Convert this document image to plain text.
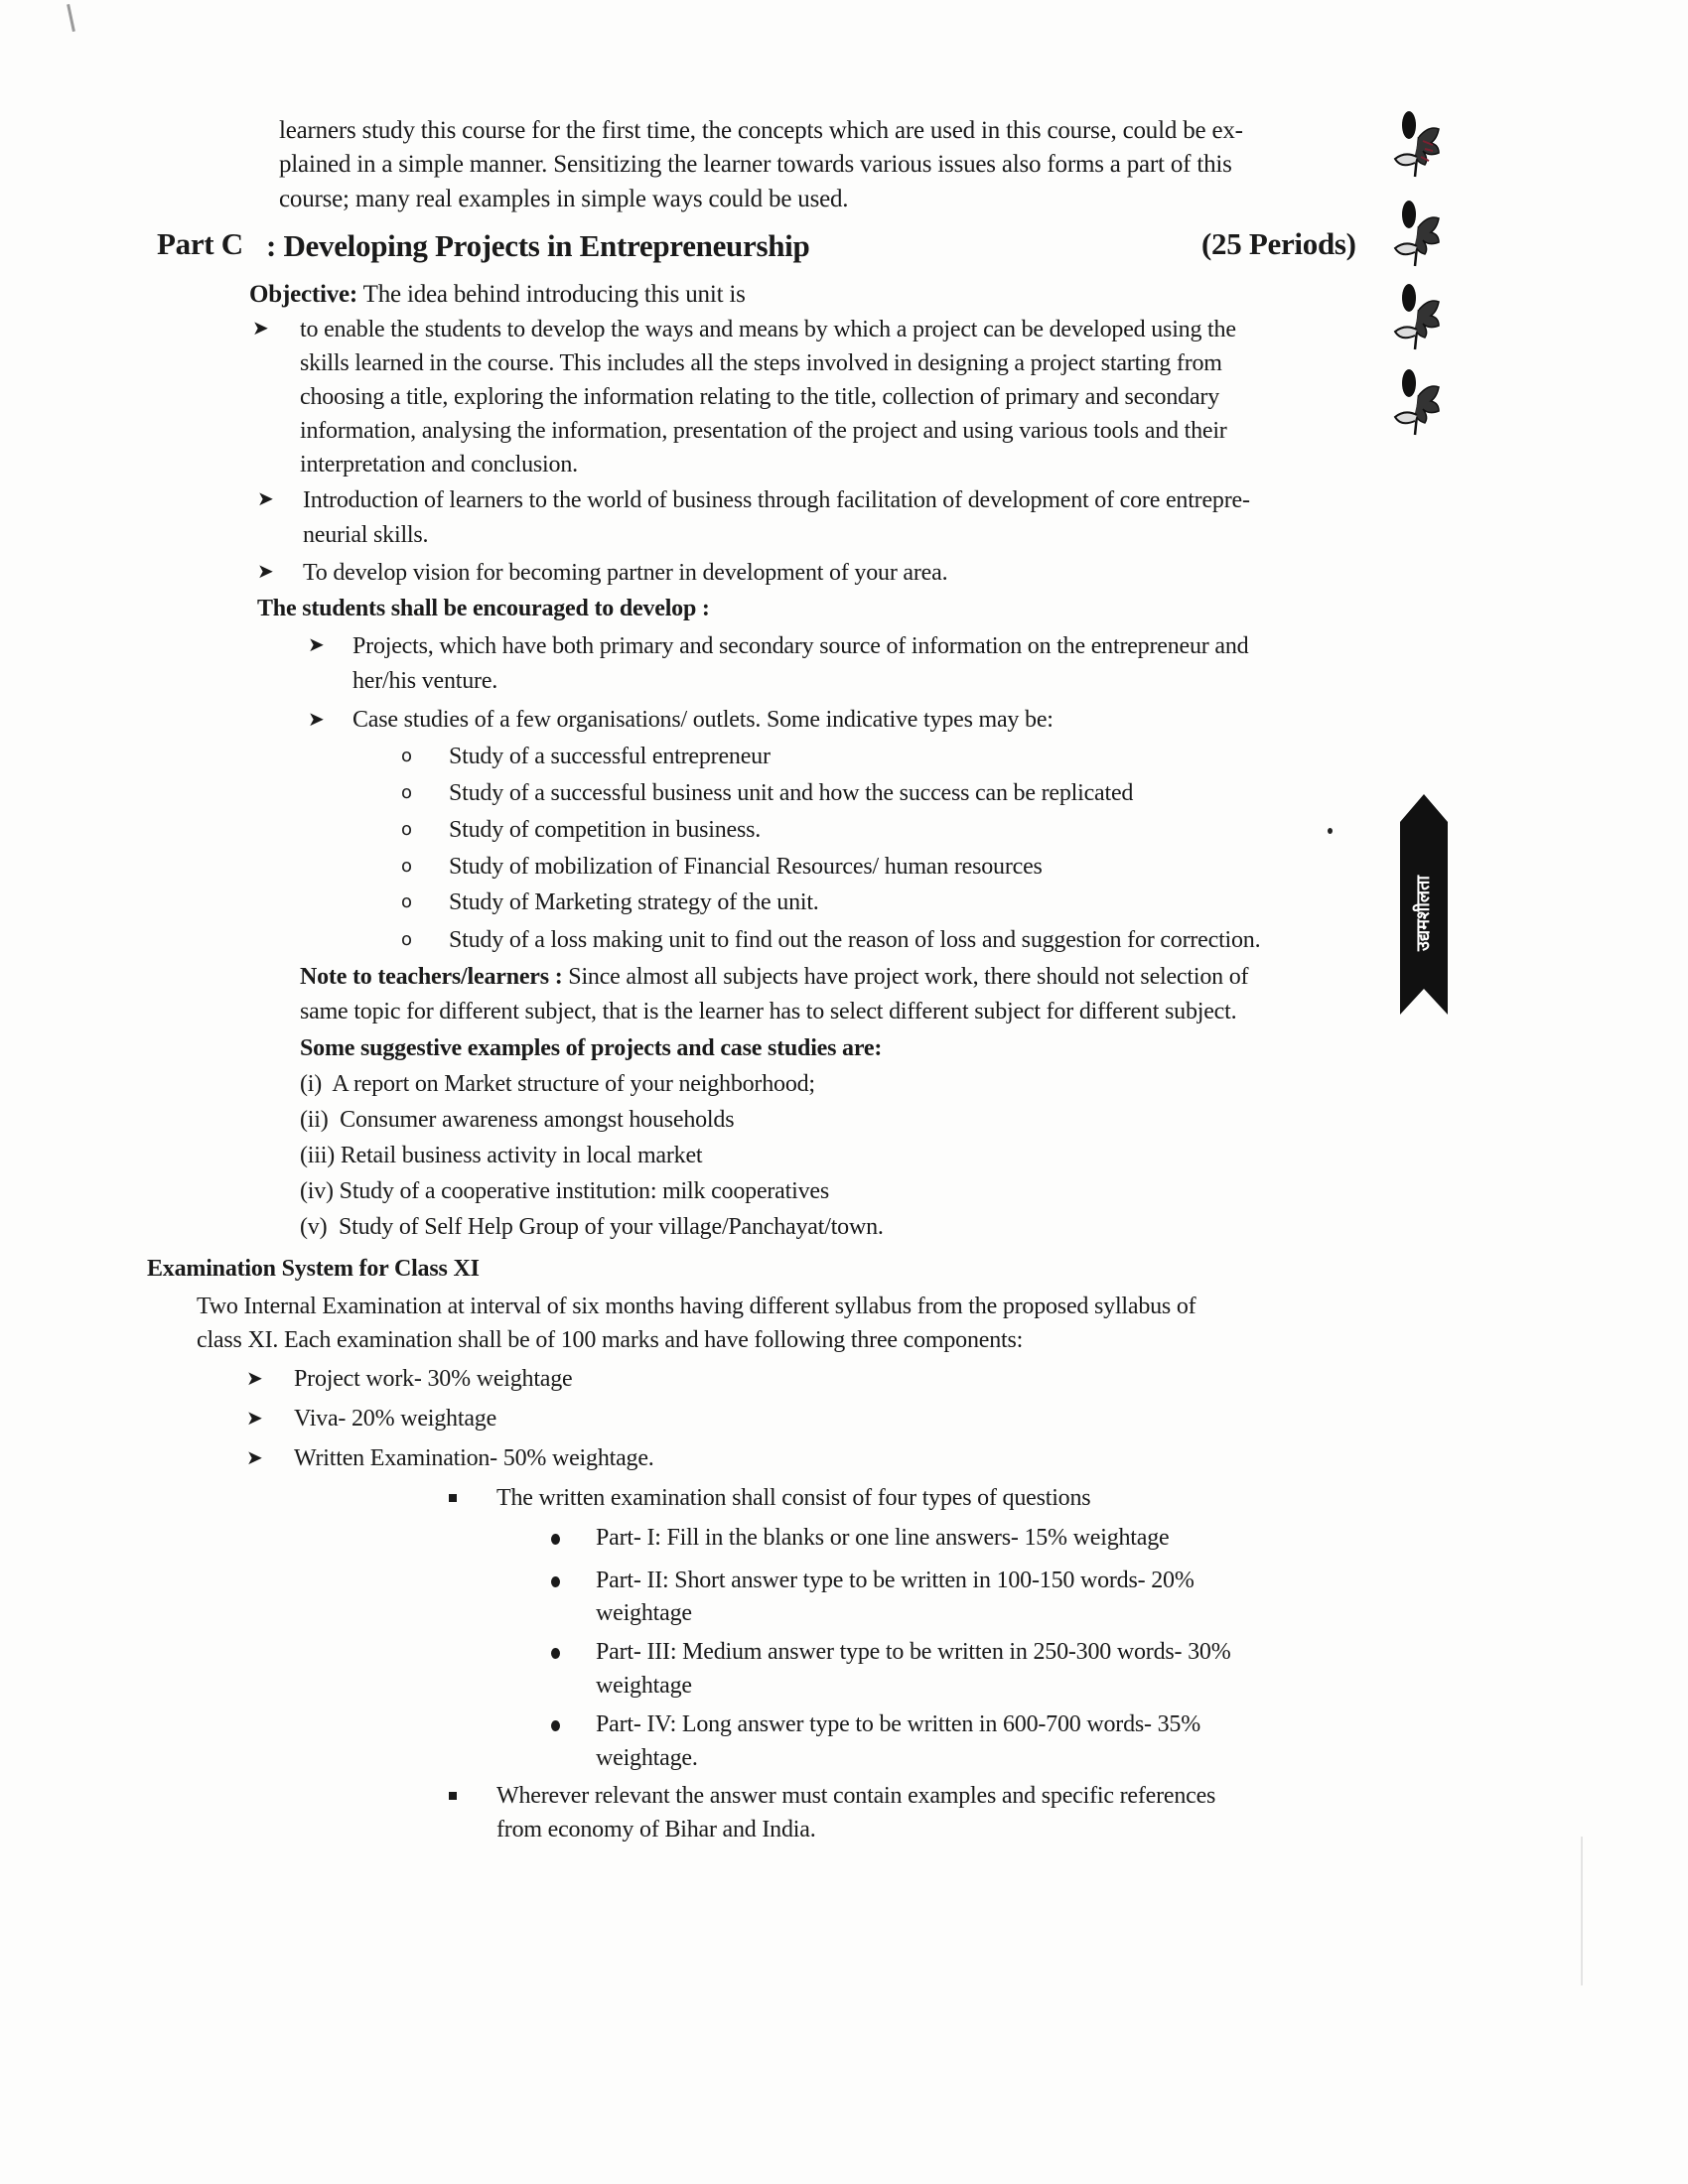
learners study this course for the first time, the concepts which are used in this course, could be ex-
plained in a simple manner. Sensitizing the learner towards various issues also forms a part of this
course; many real examples in simple ways could be used.
Part C : Developing Projects in Entrepreneurship	(25 Periods)
Objective: The idea behind introducing this unit is
➤ to enable the students to develop the ways and means by which a project can be developed using the
skills learned in the course. This includes all the steps involved in designing a project starting from
choosing a title, exploring the information relating to the title, collection of primary and secondary
information, analysing the information, presentation of the project and using various tools and their
interpretation and conclusion.
➤ Introduction of learners to the world of business through facilitation of development of core entrepre-
neurial skills.
➤ To develop vision for becoming partner in development of your area.
The students shall be encouraged to develop :
➤ Projects, which have both primary and secondary source of information on the entrepreneur and
her/his venture.
➤ Case studies of a few organisations/ outlets. Some indicative types may be:
o Study of a successful entrepreneur
o Study of a successful business unit and how the success can be replicated
o Study of competition in business.
o Study of mobilization of Financial Resources/ human resources
o Study of Marketing strategy of the unit.
o Study of a loss making unit to find out the reason of loss and suggestion for correction.
Note to teachers/learners : Since almost all subjects have project work, there should not selection of
same topic for different subject, that is the learner has to select different subject for different subject.
Some suggestive examples of projects and case studies are:
(i) A report on Market structure of your neighborhood;
(ii) Consumer awareness amongst households
(iii) Retail business activity in local market
(iv) Study of a cooperative institution: milk cooperatives
(v) Study of Self Help Group of your village/Panchayat/town.
Examination System for Class XI
Two Internal Examination at interval of six months having different syllabus from the proposed syllabus of
class XI. Each examination shall be of 100 marks and have following three components:
➤ Project work- 30% weightage
➤ Viva- 20% weightage
➤ Written Examination- 50% weightage.
The written examination shall consist of four types of questions
Part- I: Fill in the blanks or one line answers- 15% weightage
Part- II: Short answer type to be written in 100-150 words- 20%
weightage
Part- III: Medium answer type to be written in 250-300 words- 30%
weightage
Part- IV: Long answer type to be written in 600-700 words- 35%
weightage.
Wherever relevant the answer must contain examples and specific references
from economy of Bihar and India.
उद्यमशीलता
